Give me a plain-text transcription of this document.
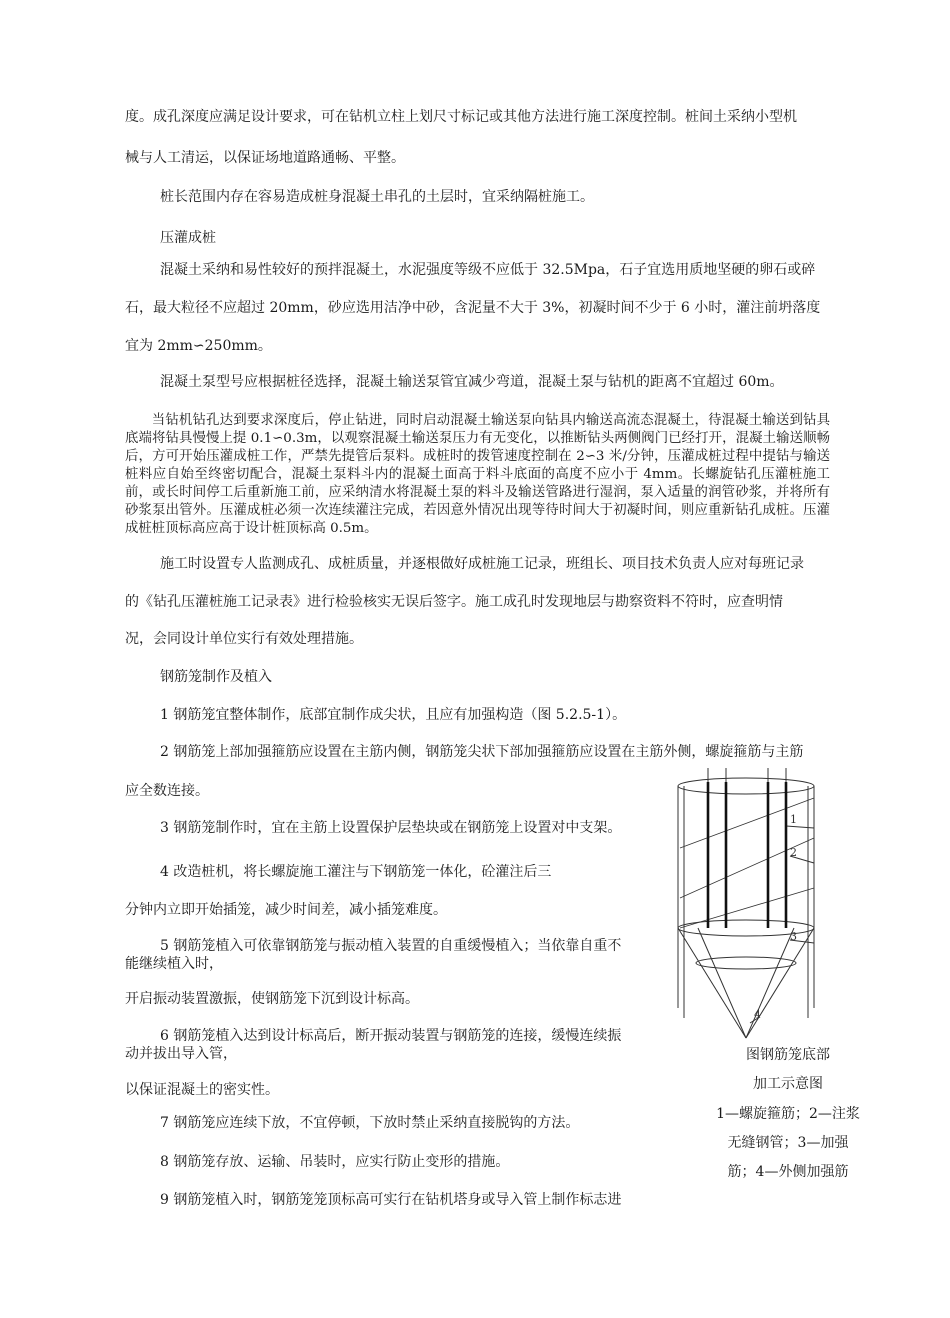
度。成孔深度应满足设计要求，可在钻机立柱上划尺寸标记或其他方法进行施工深度控制。桩间土采纳小型机

械与人工清运，以保证场地道路通畅、平整。

桩长范围内存在容易造成桩身混凝土串孔的土层时，宜采纳隔桩施工。

压灌成桩

混凝土采纳和易性较好的预拌混凝土，水泥强度等级不应低于 32.5Mpa，石子宜选用质地坚硬的卵石或碎

石，最大粒径不应超过 20mm，砂应选用洁净中砂，含泥量不大于 3%，初凝时间不少于 6 小时，灌注前坍落度

宜为 2mm∽250mm。

混凝土泵型号应根据桩径选择，混凝土输送泵管宜减少弯道，混凝土泵与钻机的距离不宜超过 60m。

当钻机钻孔达到要求深度后，停止钻进，同时启动混凝土输送泵向钻具内输送高流态混凝土，待混凝土输送到钻具底端将钻具慢慢上提 0.1∽0.3m，以观察混凝土输送泵压力有无变化，以推断钻头两侧阀门已经打开，混凝土输送顺畅后，方可开始压灌成桩工作，严禁先提管后泵料。成桩时的拨管速度控制在 2∽3 米/分钟，压灌成桩过程中提钻与输送桩料应自始至终密切配合，混凝土泵料斗内的混凝土面高于料斗底面的高度不应小于 4mm。长螺旋钻孔压灌桩施工前，或长时间停工后重新施工前，应采纳清水将混凝土泵的料斗及输送管路进行湿润，泵入适量的润管砂浆，并将所有砂浆泵出管外。压灌成桩必须一次连续灌注完成，若因意外情况出现等待时间大于初凝时间，则应重新钻孔成桩。压灌成桩桩顶标高应高于设计桩顶标高 0.5m。

施工时设置专人监测成孔、成桩质量，并逐根做好成桩施工记录，班组长、项目技术负责人应对每班记录

的《钻孔压灌桩施工记录表》进行检验核实无误后签字。施工成孔时发现地层与勘察资料不符时，应查明情

况，会同设计单位实行有效处理措施。

钢筋笼制作及植入

1 钢筋笼宜整体制作，底部宜制作成尖状，且应有加强构造（图 5.2.5-1）。

2 钢筋笼上部加强箍筋应设置在主筋内侧，钢筋笼尖状下部加强箍筋应设置在主筋外侧，螺旋箍筋与主筋

应全数连接。

3 钢筋笼制作时，宜在主筋上设置保护层垫块或在钢筋笼上设置对中支架。

4 改造桩机，将长螺旋施工灌注与下钢筋笼一体化，砼灌注后三

分钟内立即开始插笼，减少时间差，减小插笼难度。

5 钢筋笼植入可依靠钢筋笼与振动植入装置的自重缓慢植入；当依靠自重不

能继续植入时，

开启振动装置激振，使钢筋笼下沉到设计标高。

6 钢筋笼植入达到设计标高后，断开振动装置与钢筋笼的连接，缓慢连续振

动并拔出导入管，

以保证混凝土的密实性。

7 钢筋笼应连续下放，不宜停顿，下放时禁止采纳直接脱钩的方法。

8 钢筋笼存放、运输、吊装时，应实行防止变形的措施。

9 钢筋笼植入时，钢筋笼笼顶标高可实行在钻机塔身或导入管上制作标志进

1
2
3
4

图钢筋笼底部

加工示意图

1—螺旋箍筋；2—注浆

无缝钢管；3—加强

筋；4—外侧加强筋
